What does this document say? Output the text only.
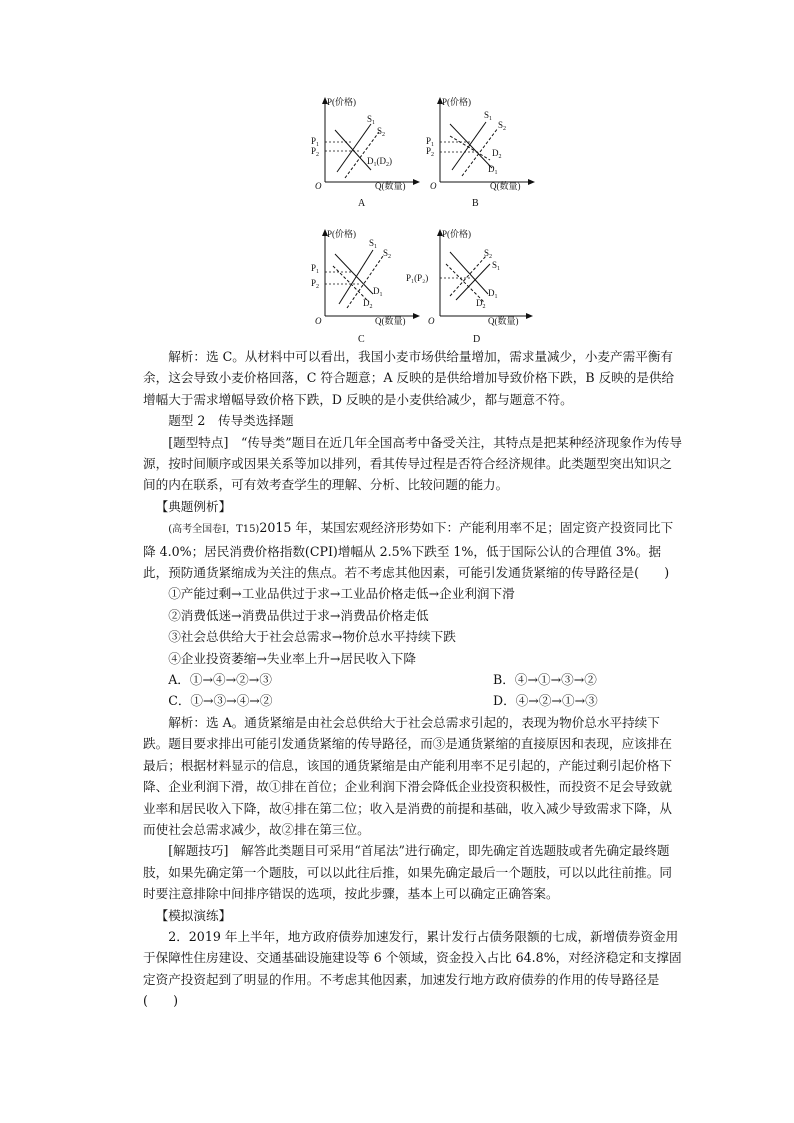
P(价格)
Q(数量)
O
$P_1$
$P_2$
$S_1$
$S_2$
$D_1(D_2)$
A
P(价格)
Q(数量)
O
$P_1$
$P_2$
$S_1$
$S_2$
$D_2$
$D_1$
B
P(价格)
Q(数量)
O
$P_1$
$P_2$
$S_1$
$S_2$
$D_1$
$D_2$
C
P(价格)
Q(数量)
O
P₁(P₂)
$S_2$
$S_1$
$D_1$
$D_2$
D

解析：选 C。从材料中可以看出，我国小麦市场供给量增加，需求量减少，小麦产需平衡有余，这会导致小麦价格回落，C 符合题意；A 反映的是供给增加导致价格下跌，B 反映的是供给增幅大于需求增幅导致价格下跌，D 反映的是小麦供给减少，都与题意不符。

题型 2　传导类选择题

[题型特点]　 “传导类”题目在近几年全国高考中备受关注，其特点是把某种经济现象作为传导源，按时间顺序或因果关系等加以排列，看其传导过程是否符合经济规律。此类题型突出知识之间的内在联系，可有效考查学生的理解、分析、比较问题的能力。

【典题例析】

(高考全国卷Ⅰ，T15)2015 年，某国宏观经济形势如下：产能利用率不足；固定资产投资同比下降 4.0%；居民消费价格指数(CPI)增幅从 2.5%下跌至 1%，低于国际公认的合理值 3%。据此，预防通货紧缩成为关注的焦点。若不考虑其他因素，可能引发通货紧缩的传导路径是(　　)

①产能过剩→工业品供过于求→工业品价格走低→企业利润下滑

②消费低迷→消费品供过于求→消费品价格走低

③社会总供给大于社会总需求→物价总水平持续下跌

④企业投资萎缩→失业率上升→居民收入下降

A．①→④→②→③	B．④→①→③→②
C．①→③→④→②	D．④→②→①→③

解析：选 A。通货紧缩是由社会总供给大于社会总需求引起的，表现为物价总水平持续下跌。题目要求排出可能引发通货紧缩的传导路径，而③是通货紧缩的直接原因和表现，应该排在最后；根据材料显示的信息，该国的通货紧缩是由产能利用率不足引起的，产能过剩引起价格下降、企业利润下滑，故①排在首位；企业利润下滑会降低企业投资积极性，而投资不足会导致就业率和居民收入下降，故④排在第二位；收入是消费的前提和基础，收入减少导致需求下降，从而使社会总需求减少，故②排在第三位。

[解题技巧]　 解答此类题目可采用“首尾法”进行确定，即先确定首选题肢或者先确定最终题肢，如果先确定第一个题肢，可以以此往后推，如果先确定最后一个题肢，可以以此往前推。同时要注意排除中间排序错误的选项，按此步骤，基本上可以确定正确答案。

【模拟演练】

2．2019 年上半年，地方政府债券加速发行，累计发行占债务限额的七成，新增债券资金用于保障性住房建设、交通基础设施建设等 6 个领域，资金投入占比 64.8%，对经济稳定和支撑固定资产投资起到了明显的作用。不考虑其他因素，加速发行地方政府债券的作用的传导路径是(　　)
